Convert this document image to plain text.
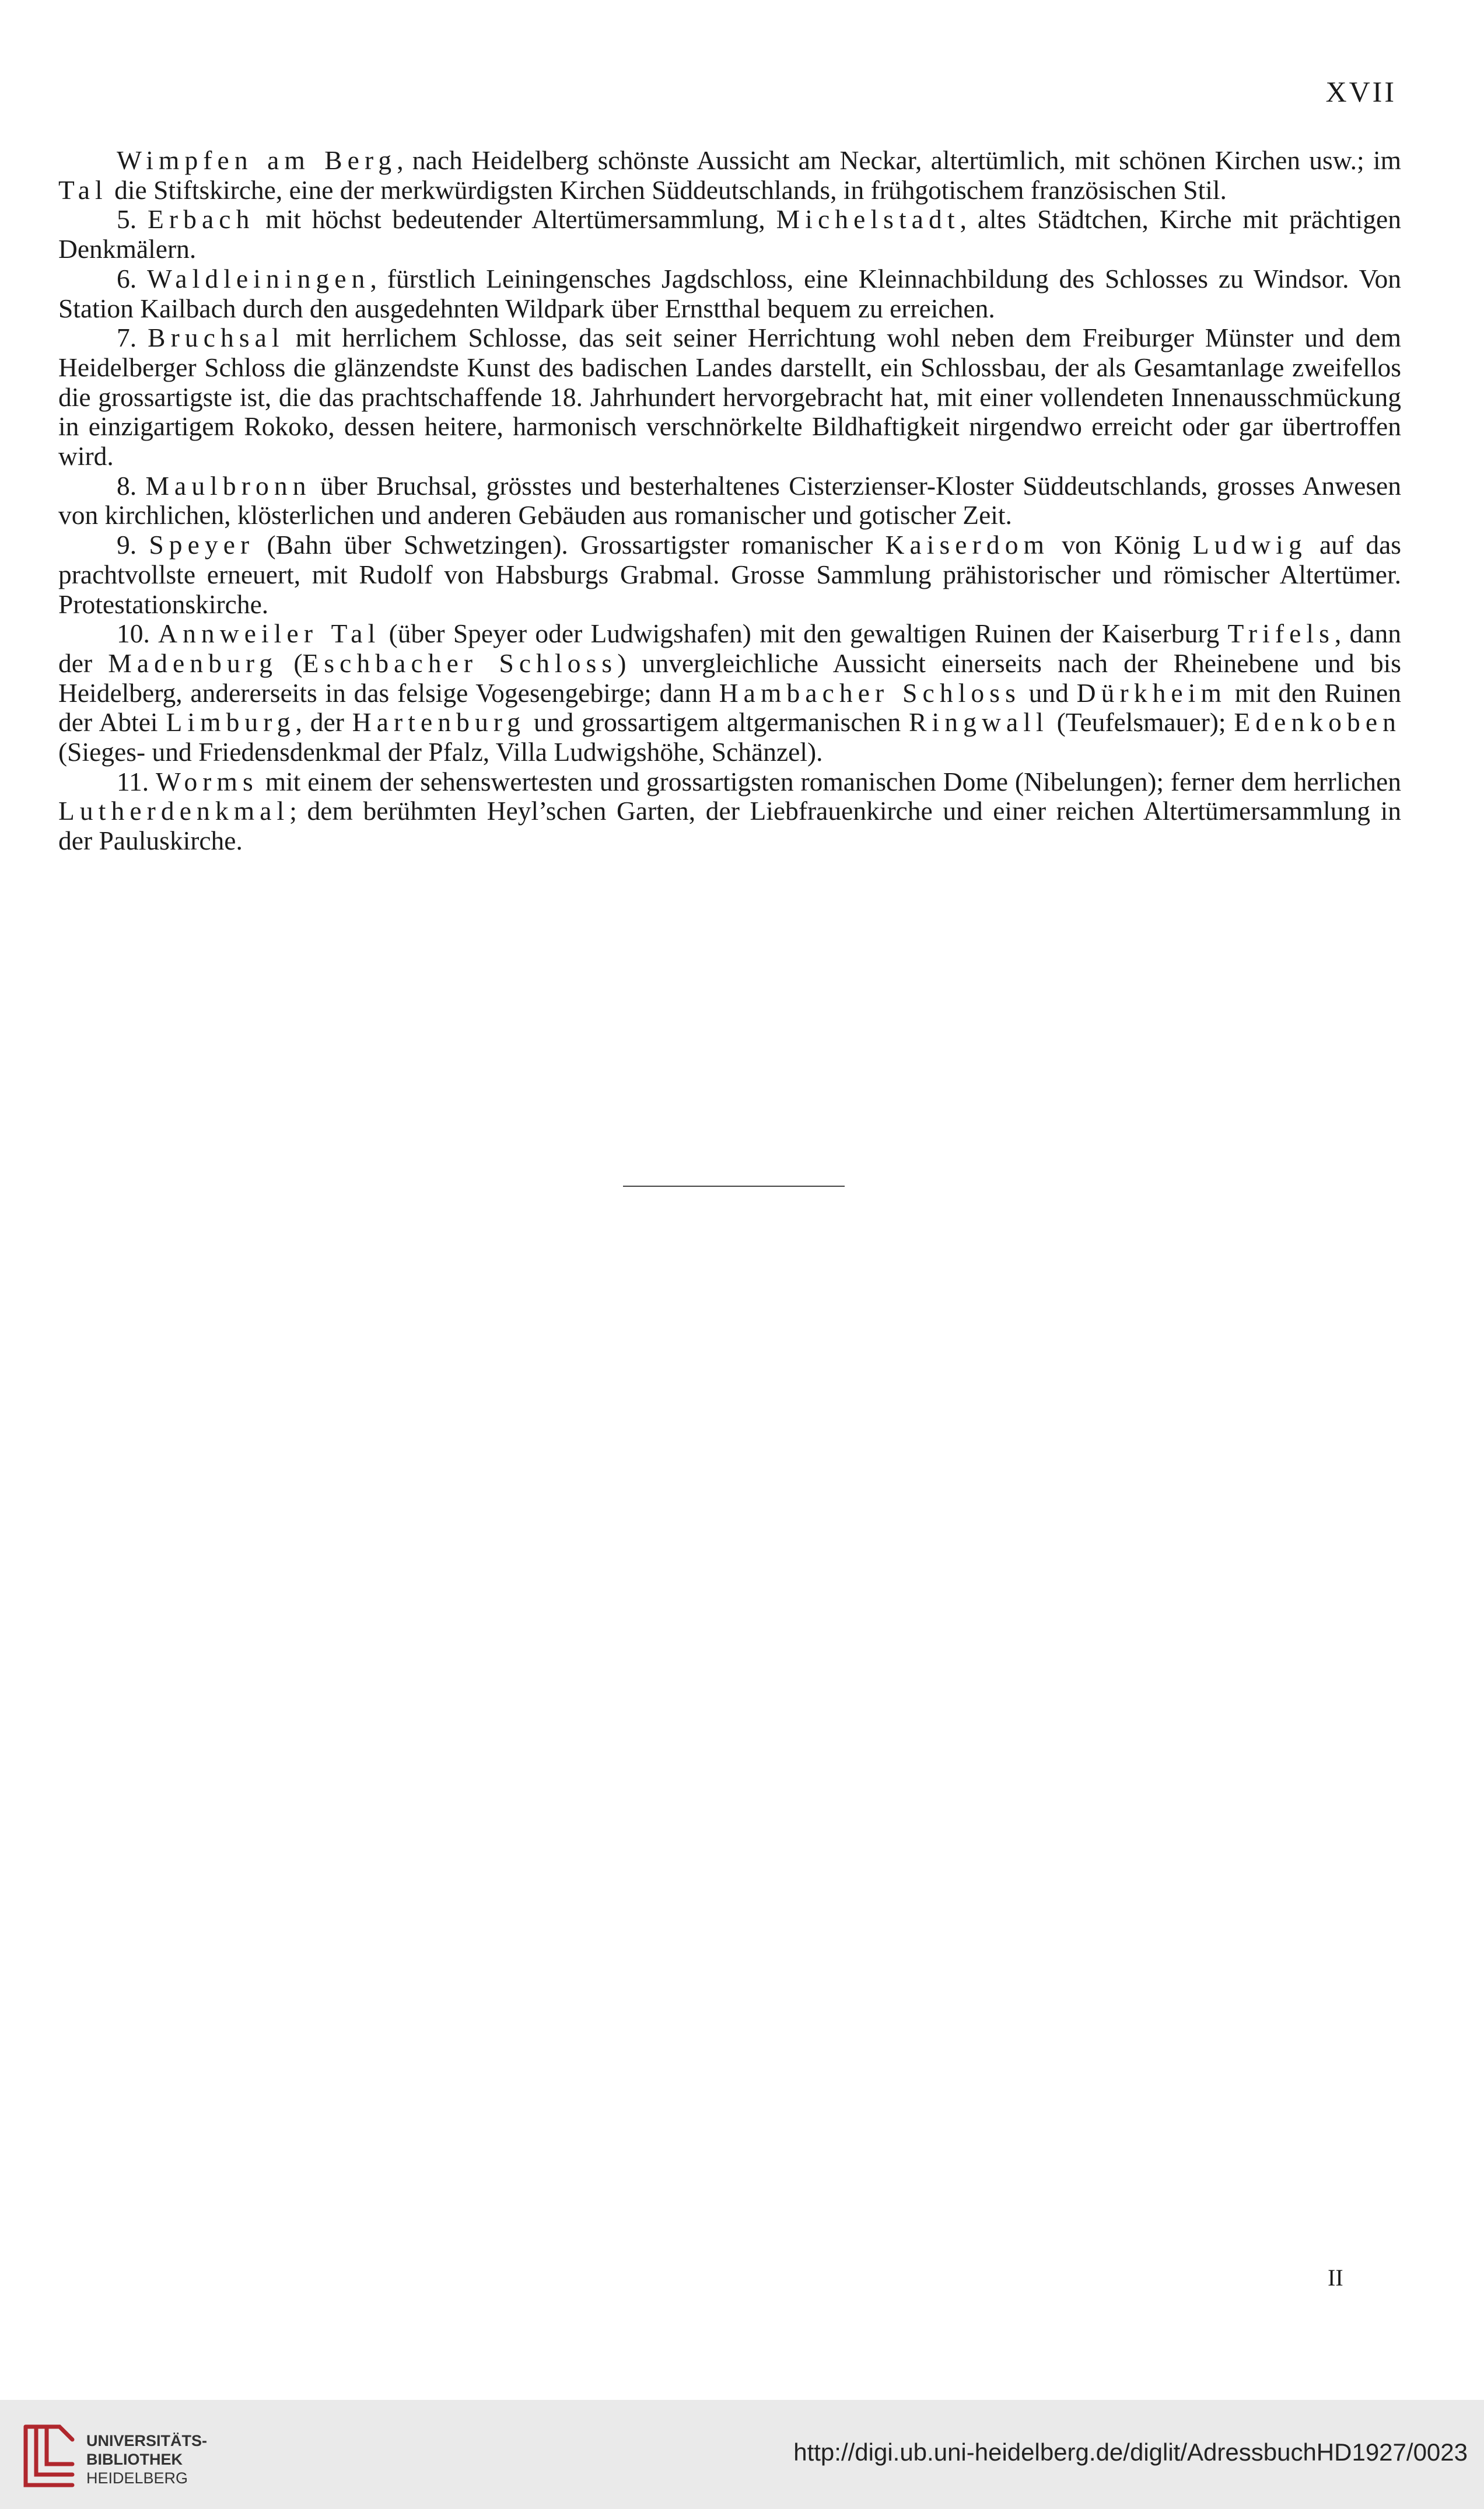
XVII

Wimpfen am Berg, nach Heidelberg schönste Aussicht am Neckar, altertümlich, mit schönen Kirchen usw.; im Tal die Stiftskirche, eine der merkwürdigsten Kirchen Süddeutschlands, in frühgotischem französischen Stil.

5. Erbach mit höchst bedeutender Altertümersammlung, Michelstadt, altes Städtchen, Kirche mit prächtigen Denkmälern.

6. Waldleiningen, fürstlich Leiningensches Jagdschloss, eine Kleinnachbildung des Schlosses zu Windsor. Von Station Kailbach durch den ausgedehnten Wildpark über Ernstthal bequem zu erreichen.

7. Bruchsal mit herrlichem Schlosse, das seit seiner Herrichtung wohl neben dem Freiburger Münster und dem Heidelberger Schloss die glänzendste Kunst des badischen Landes darstellt, ein Schlossbau, der als Gesamtanlage zweifellos die grossartigste ist, die das prachtschaffende 18. Jahrhundert hervorgebracht hat, mit einer vollendeten Innenausschmückung in einzigartigem Rokoko, dessen heitere, harmonisch verschnörkelte Bildhaftigkeit nirgendwo erreicht oder gar übertroffen wird.

8. Maulbronn über Bruchsal, grösstes und besterhaltenes Cisterzienser-Kloster Süddeutschlands, grosses Anwesen von kirchlichen, klösterlichen und anderen Gebäuden aus romanischer und gotischer Zeit.

9. Speyer (Bahn über Schwetzingen). Grossartigster romanischer Kaiserdom von König Ludwig auf das prachtvollste erneuert, mit Rudolf von Habsburgs Grabmal. Grosse Sammlung prähistorischer und römischer Altertümer. Protestationskirche.

10. Annweiler Tal (über Speyer oder Ludwigshafen) mit den gewaltigen Ruinen der Kaiserburg Trifels, dann der Madenburg (Eschbacher Schloss) unvergleichliche Aussicht einerseits nach der Rheinebene und bis Heidelberg, andererseits in das felsige Vogesengebirge; dann Hambacher Schloss und Dürkheim mit den Ruinen der Abtei Limburg, der Hartenburg und grossartigem altgermanischen Ringwall (Teufelsmauer); Edenkoben (Sieges- und Friedensdenkmal der Pfalz, Villa Ludwigshöhe, Schänzel).

11. Worms mit einem der sehenswertesten und grossartigsten romanischen Dome (Nibelungen); ferner dem herrlichen Lutherdenkmal; dem berühmten Heyl’schen Garten, der Liebfrauenkirche und einer reichen Altertümersammlung in der Pauluskirche.

II
UNIVERSITÄTS-
BIBLIOTHEK
HEIDELBERG
http://digi.ub.uni-heidelberg.de/diglit/AdressbuchHD1927/0023
